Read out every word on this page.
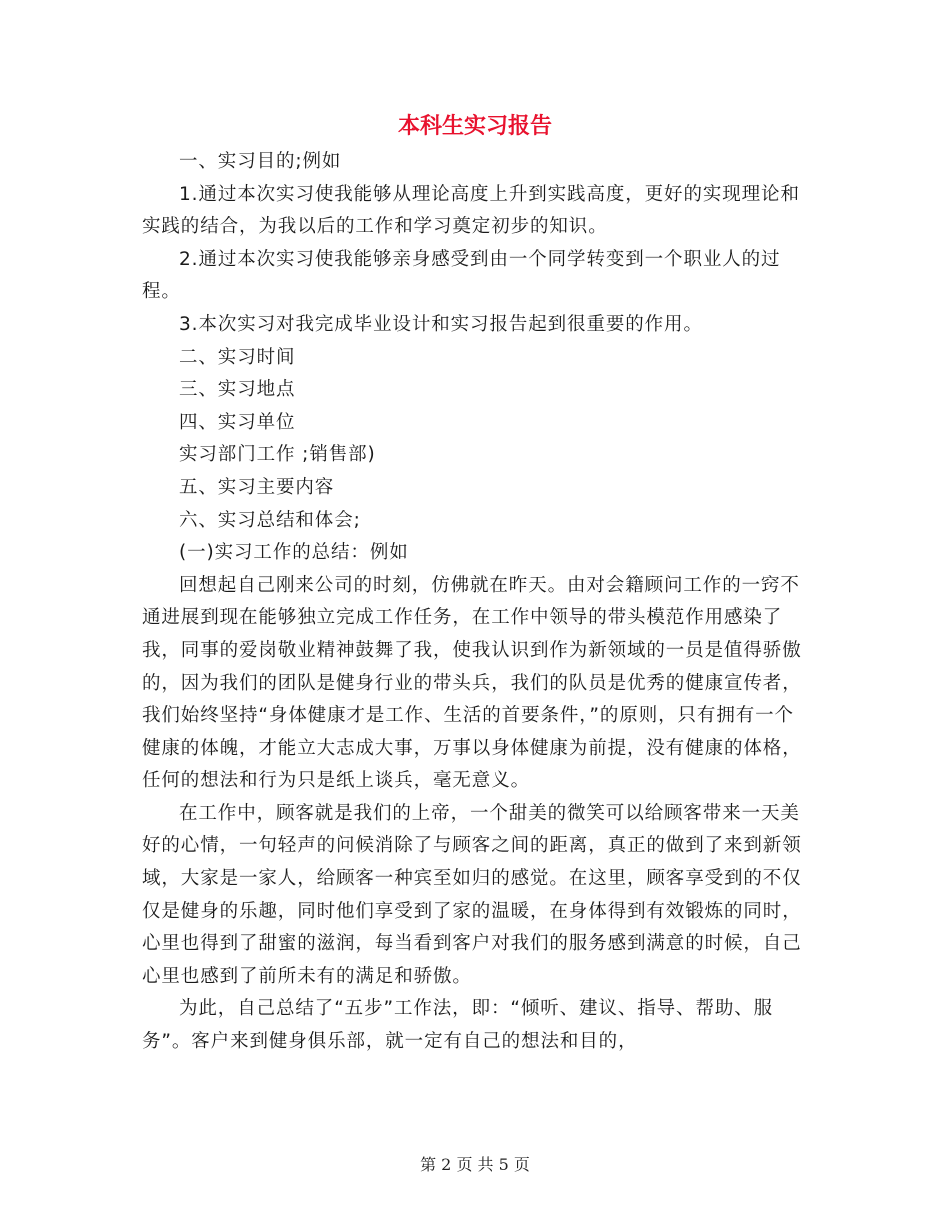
本科生实习报告

一、实习目的;例如

1.通过本次实习使我能够从理论高度上升到实践高度，更好的实现理论和实践的结合，为我以后的工作和学习奠定初步的知识。

2.通过本次实习使我能够亲身感受到由一个同学转变到一个职业人的过程。

3.本次实习对我完成毕业设计和实习报告起到很重要的作用。

二、实习时间

三、实习地点

四、实习单位

实习部门工作 ;销售部)

五、实习主要内容

六、实习总结和体会;

(一)实习工作的总结：例如

回想起自己刚来公司的时刻，仿佛就在昨天。由对会籍顾问工作的一窍不通进展到现在能够独立完成工作任务，在工作中领导的带头模范作用感染了我，同事的爱岗敬业精神鼓舞了我，使我认识到作为新领域的一员是值得骄傲的，因为我们的团队是健身行业的带头兵，我们的队员是优秀的健康宣传者，我们始终坚持“身体健康才是工作、生活的首要条件，”的原则，只有拥有一个健康的体魄，才能立大志成大事，万事以身体健康为前提，没有健康的体格，任何的想法和行为只是纸上谈兵，毫无意义。

在工作中，顾客就是我们的上帝，一个甜美的微笑可以给顾客带来一天美好的心情，一句轻声的问候消除了与顾客之间的距离，真正的做到了来到新领域，大家是一家人，给顾客一种宾至如归的感觉。在这里，顾客享受到的不仅仅是健身的乐趣，同时他们享受到了家的温暖，在身体得到有效锻炼的同时，心里也得到了甜蜜的滋润，每当看到客户对我们的服务感到满意的时候，自己心里也感到了前所未有的满足和骄傲。

为此，自己总结了“五步”工作法，即：“倾听、建议、指导、帮助、服务”。客户来到健身俱乐部，就一定有自己的想法和目的，

第 2 页 共 5 页
